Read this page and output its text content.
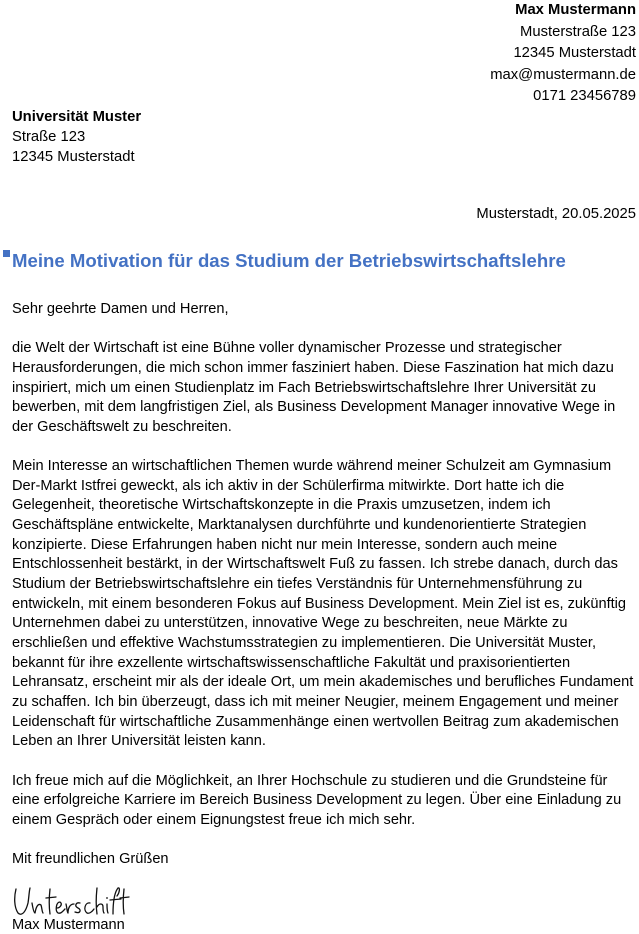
Max Mustermann
Musterstraße 123
12345 Musterstadt
max@mustermann.de
0171 23456789
Universität Muster
Straße 123
12345 Musterstadt
Musterstadt, 20.05.2025
Meine Motivation für das Studium der Betriebswirtschaftslehre

Sehr geehrte Damen und Herren,

die Welt der Wirtschaft ist eine Bühne voller dynamischer Prozesse und strategischer Herausforderungen, die mich schon immer fasziniert haben. Diese Faszination hat mich dazu inspiriert, mich um einen Studienplatz im Fach Betriebswirtschaftslehre Ihrer Universität zu bewerben, mit dem langfristigen Ziel, als Business Development Manager innovative Wege in der Geschäftswelt zu beschreiten.

Mein Interesse an wirtschaftlichen Themen wurde während meiner Schulzeit am Gymnasium Der-Markt Istfrei geweckt, als ich aktiv in der Schülerfirma mitwirkte. Dort hatte ich die Gelegenheit, theoretische Wirtschaftskonzepte in die Praxis umzusetzen, indem ich Geschäftspläne entwickelte, Marktanalysen durchführte und kundenorientierte Strategien konzipierte. Diese Erfahrungen haben nicht nur mein Interesse, sondern auch meine Entschlossenheit bestärkt, in der Wirtschaftswelt Fuß zu fassen. Ich strebe danach, durch das Studium der Betriebswirtschaftslehre ein tiefes Verständnis für Unternehmensführung zu entwickeln, mit einem besonderen Fokus auf Business Development. Mein Ziel ist es, zukünftig Unternehmen dabei zu unterstützen, innovative Wege zu beschreiten, neue Märkte zu erschließen und effektive Wachstumsstrategien zu implementieren. Die Universität Muster, bekannt für ihre exzellente wirtschaftswissenschaftliche Fakultät und praxisorientierten Lehransatz, erscheint mir als der ideale Ort, um mein akademisches und berufliches Fundament zu schaffen. Ich bin überzeugt, dass ich mit meiner Neugier, meinem Engagement und meiner Leidenschaft für wirtschaftliche Zusammenhänge einen wertvollen Beitrag zum akademischen Leben an Ihrer Universität leisten kann.

Ich freue mich auf die Möglichkeit, an Ihrer Hochschule zu studieren und die Grundsteine für eine erfolgreiche Karriere im Bereich Business Development zu legen. Über eine Einladung zu einem Gespräch oder einem Eignungstest freue ich mich sehr.

Mit freundlichen Grüßen

Max Mustermann
